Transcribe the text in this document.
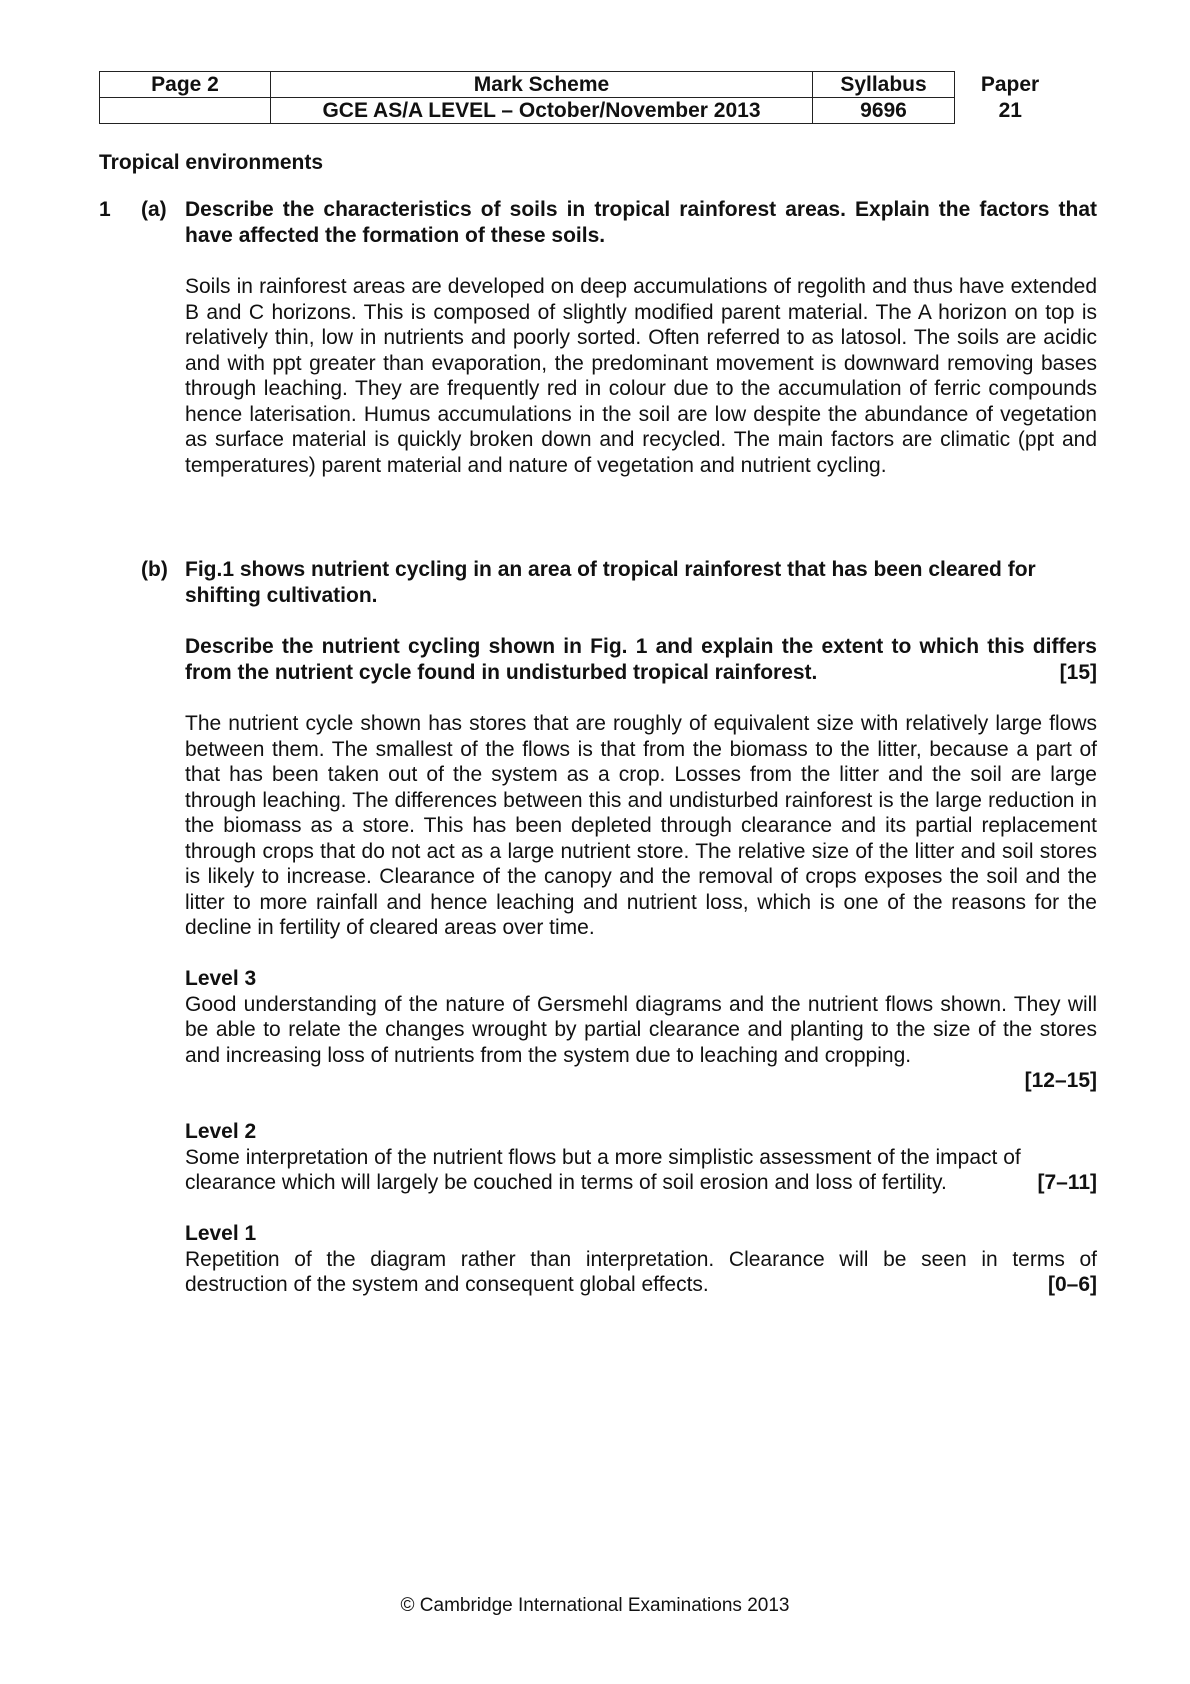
Page 2	Mark Scheme	Syllabus	Paper
	GCE AS/A LEVEL – October/November 2013	9696	21
Tropical environments
1 (a) Describe the characteristics of soils in tropical rainforest areas. Explain the factors that have affected the formation of these soils.
Soils in rainforest areas are developed on deep accumulations of regolith and thus have extended B and C horizons. This is composed of slightly modified parent material. The A horizon on top is relatively thin, low in nutrients and poorly sorted. Often referred to as latosol. The soils are acidic and with ppt greater than evaporation, the predominant movement is downward removing bases through leaching. They are frequently red in colour due to the accumulation of ferric compounds hence laterisation. Humus accumulations in the soil are low despite the abundance of vegetation as surface material is quickly broken down and recycled. The main factors are climatic (ppt and temperatures) parent material and nature of vegetation and nutrient cycling.
(b) Fig.1 shows nutrient cycling in an area of tropical rainforest that has been cleared for shifting cultivation.
Describe the nutrient cycling shown in Fig. 1 and explain the extent to which this differs from the nutrient cycle found in undisturbed tropical rainforest.	[15]
The nutrient cycle shown has stores that are roughly of equivalent size with relatively large flows between them. The smallest of the flows is that from the biomass to the litter, because a part of that has been taken out of the system as a crop. Losses from the litter and the soil are large through leaching. The differences between this and undisturbed rainforest is the large reduction in the biomass as a store. This has been depleted through clearance and its partial replacement through crops that do not act as a large nutrient store. The relative size of the litter and soil stores is likely to increase. Clearance of the canopy and the removal of crops exposes the soil and the litter to more rainfall and hence leaching and nutrient loss, which is one of the reasons for the decline in fertility of cleared areas over time.
Level 3
Good understanding of the nature of Gersmehl diagrams and the nutrient flows shown. They will be able to relate the changes wrought by partial clearance and planting to the size of the stores and increasing loss of nutrients from the system due to leaching and cropping.
[12–15]
Level 2
Some interpretation of the nutrient flows but a more simplistic assessment of the impact of
clearance which will largely be couched in terms of soil erosion and loss of fertility.	[7–11]
Level 1
Repetition of the diagram rather than interpretation. Clearance will be seen in terms of
destruction of the system and consequent global effects.	[0–6]
© Cambridge International Examinations 2013
